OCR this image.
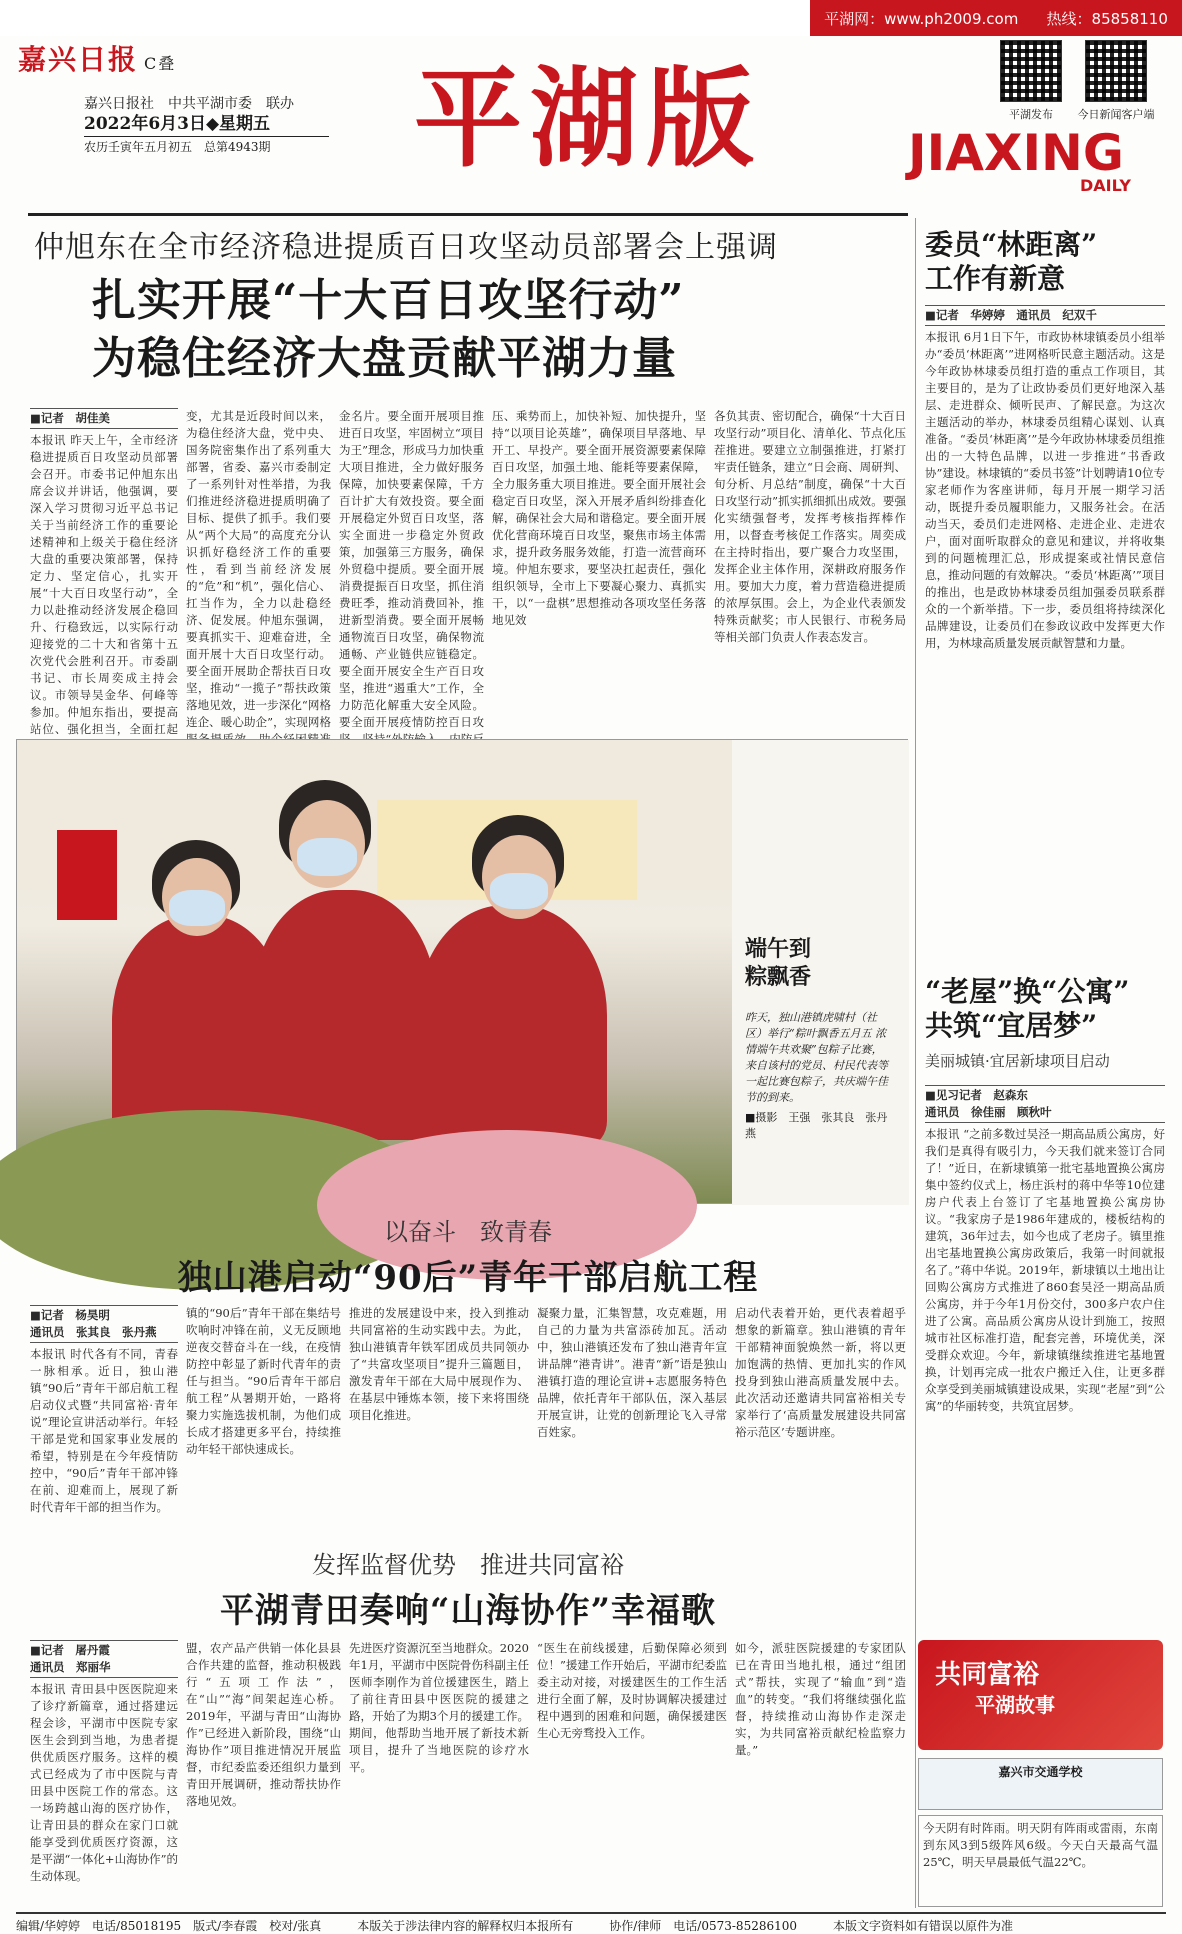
平湖网：www.ph2009.com 热线：85858110
嘉兴日报 C叠
嘉兴日报社　中共平湖市委　联办
2022年6月3日◆星期五
农历壬寅年五月初五　总第4943期	平湖版	平湖发布	今日新闻客户端
JIAXING
DAILY
仲旭东在全市经济稳进提质百日攻坚动员部署会上强调
扎实开展“十大百日攻坚行动”
为稳住经济大盘贡献平湖力量
■记者　胡佳美
本报讯 昨天上午，全市经济稳进提质百日攻坚动员部署会召开。市委书记仲旭东出席会议并讲话，他强调，要深入学习贯彻习近平总书记关于当前经济工作的重要论述精神和上级关于稳住经济大盘的重要决策部署，保持定力、坚定信心，扎实开展“十大百日攻坚行动”，全力以赴推动经济发展企稳回升、行稳致远，以实际行动迎接党的二十大和省第十五次党代会胜利召开。市委副书记、市长周奕成主持会议。市领导吴金华、何峰等参加。仲旭东指出，要提高站位、强化担当，全面扛起
变，尤其是近段时间以来，为稳住经济大盘，党中央、国务院密集作出了系列重大部署，省委、嘉兴市委制定了一系列针对性举措，为我们推进经济稳进提质明确了目标、提供了抓手。我们要从“两个大局”的高度充分认识抓好稳经济工作的重要性，看到当前经济发展的“危”和“机”，强化信心、扛当作为，全力以赴稳经济、促发展。仲旭东强调，要真抓实干、迎难奋进，全面开展十大百日攻坚行动。要全面开展助企帮扶百日攻坚，推动“一揽子”帮扶政策落地见效，进一步深化“网格连企、暖心助企”，实现网格
金名片。要全面开展项目推进百日攻坚，牢固树立“项目为王”理念，形成马力加快重大项目推进，全力做好服务保障，加快要素保障，千方百计扩大有效投资。要全面开展稳定外贸百日攻坚，落实全面进一步稳定外贸政策，加强第三方服务，确保外贸稳中提质。要全面开展消费提振百日攻坚，抓住消费旺季，推动消费回补，推进新型消费。要全面开展畅通物流百日攻坚，确保物流通畅、产业链供应链稳定。要全面开展安全生产百日攻坚，推进“遏重大”工作，全力防范化解重大安全风险。要全面开展疫情防控百日攻
压、乘势而上，加快补短、加快提升，坚持“以项目论英雄”，确保项目早落地、早开工、早投产。要全面开展资源要素保障百日攻坚，加强土地、能耗等要素保障，全力服务重大项目推进。要全面开展社会稳定百日攻坚，深入开展矛盾纠纷排查化解，确保社会大局和谐稳定。要全面开展优化营商环境百日攻坚，聚焦市场主体需求，提升政务服务效能，打造一流营商环境。仲旭东要求，要坚决扛起责任，强化组织领导，全市上下要凝心聚力、真抓实干，以“一盘棋”思想推动各项攻坚任务落地见效
各负其责、密切配合，确保“十大百日攻坚行动”项目化、清单化、节点化压茬推进。要建立立制强推进，打紧打牢责任链条，建立“日会商、周研判、旬分析、月总结”制度，确保“十大百日攻坚行动”抓实抓细抓出成效。要强化实绩强督考，发挥考核指挥棒作用，以督查考核促工作落实。周奕成在主持时指出，要广聚合力攻坚围，发挥企业主体作用，深耕政府服务作用。要加大力度，着力营造稳进提质的浓厚氛围。会上，为企业代表颁发特殊贡献奖；市人民银行、市税务局等相关部门负责人作表态发言。
端午到
粽飘香
昨天，独山港镇虎啸村（社区）举行“粽叶飘香五月五 浓情端午共欢聚”包粽子比赛，来自该村的党员、村民代表等一起比赛包粽子，共庆端午佳节的到来。
■摄影　王强　张其良　张丹燕
以奋斗　致青春
独山港启动“90后”青年干部启航工程
■记者　杨昊明
通讯员　张其良　张丹燕
本报讯 时代各有不同，青春一脉相承。近日，独山港镇“90后”青年干部启航工程启动仪式暨“共同富裕·青年说”理论宣讲活动举行。年轻干部是党和国家事业发展的希望，特别是在今年疫情防控中，“90后”青年干部冲锋在前、迎难而上，展现了新时代青年干部的担当作为。
镇的“90后”青年干部在集结号吹响时冲锋在前，义无反顾地逆夜交替奋斗在一线，在疫情防控中彰显了新时代青年的责任与担当。“90后青年干部启航工程”从暑期开始，一路将聚力实施选拔机制，为他们成长成才搭建更多平台，持续推动年轻干部快速成长。
推进的发展建设中来，投入到推动共同富裕的生动实践中去。为此，独山港镇青年铁军团成员共同领办了“共富攻坚项目”提升三篇题目，激发青年干部在大局中展现作为、在基层中锤炼本领，接下来将围绕项目化推进。
凝聚力量，汇集智慧，攻克难题，用自己的力量为共富添砖加瓦。活动中，独山港镇还发布了独山港青年宣讲品牌“港青讲”。港青“新”语是独山港镇打造的理论宣讲+志愿服务特色品牌，依托青年干部队伍，深入基层开展宣讲，让党的创新理论飞入寻常百姓家。
启动代表着开始，更代表着超乎想象的新篇章。独山港镇的青年干部精神面貌焕然一新，将以更加饱满的热情、更加扎实的作风投身到独山港高质量发展中去。此次活动还邀请共同富裕相关专家举行了‘高质量发展建设共同富裕示范区’专题讲座。
发挥监督优势　推进共同富裕
平湖青田奏响“山海协作”幸福歌
■记者　屠丹霞
通讯员　郑丽华
本报讯 青田县中医医院迎来了诊疗新篇章，通过搭建远程会诊，平湖市中医院专家医生会到到当地，为患者提供优质医疗服务。这样的模式已经成为了市中医院与青田县中医院工作的常态。这一场跨越山海的医疗协作，让青田县的群众在家门口就能享受到优质医疗资源，这是平湖“一体化+山海协作”的生动体现。
盟，农产品产供销一体化县县合作共建的监督，推动积极践行“五项工作法”，在“山”“海”间架起连心桥。2019年，平湖与青田“山海协作”已经进入新阶段，围绕“山海协作”项目推进情况开展监督，市纪委监委还组织力量到青田开展调研，推动帮扶协作落地见效。
先进医疗资源沉至当地群众。2020年1月，平湖市中医院骨伤科副主任医师李刚作为首位援建医生，踏上了前往青田县中医医院的援建之路，开始了为期3个月的援建工作。期间，他帮助当地开展了新技术新项目，提升了当地医院的诊疗水平。
“医生在前线援建，后勤保障必须到位！”援建工作开始后，平湖市纪委监委主动对接，对援建医生的工作生活进行全面了解，及时协调解决援建过程中遇到的困难和问题，确保援建医生心无旁骛投入工作。
如今，派驻医院援建的专家团队已在青田当地扎根，通过“组团式”帮扶，实现了“输血”到“造血”的转变。“我们将继续强化监督，持续推动山海协作走深走实，为共同富裕贡献纪检监察力量。”
委员“林距离”
工作有新意
■记者　华婷婷　通讯员　纪双千
本报讯 6月1日下午，市政协林埭镇委员小组举办“委员‘林距离’”进网格听民意主题活动。这是今年政协林埭委员组打造的重点工作项目，其主要目的，是为了让政协委员们更好地深入基层、走进群众、倾听民声、了解民意。为这次主题活动的举办，林埭委员组精心谋划、认真准备。“委员‘林距离’”是今年政协林埭委员组推出的一大特色品牌，以进一步推进“书香政协”建设。林埭镇的“委员书签”计划聘请10位专家老师作为客座讲师，每月开展一期学习活动，既提升委员履职能力，又服务社会。在活动当天，委员们走进网格、走进企业、走进农户，面对面听取群众的意见和建议，并将收集到的问题梳理汇总，形成提案或社情民意信息，推动问题的有效解决。“委员‘林距离’”项目的推出，也是政协林埭委员组加强委员联系群众的一个新举措。下一步，委员组将持续深化品牌建设，让委员们在参政议政中发挥更大作用，为林埭高质量发展贡献智慧和力量。
“老屋”换“公寓”
共筑“宜居梦”
美丽城镇·宜居新埭项目启动
■见习记者　赵森东
通讯员　徐佳丽　顾秋叶
本报讯 “之前多数过吴泾一期高品质公寓房，好我们是真得有吸引力，今天我们就来签订合同了！”近日，在新埭镇第一批宅基地置换公寓房集中签约仪式上，杨庄浜村的蒋中华等10位建房户代表上台签订了宅基地置换公寓房协议。“我家房子是1986年建成的，楼板结构的建筑，36年过去，如今也成了老房子。镇里推出宅基地置换公寓房政策后，我第一时间就报名了。”蒋中华说。2019年，新埭镇以土地出让回购公寓房方式推进了860套吴泾一期高品质公寓房，并于今年1月份交付，300多户农户住进了公寓。高品质公寓房从设计到施工，按照城市社区标准打造，配套完善，环境优美，深受群众欢迎。今年，新埭镇继续推进宅基地置换，计划再完成一批农户搬迁入住，让更多群众享受到美丽城镇建设成果，实现“老屋”到“公寓”的华丽转变，共筑宜居梦。
共同富裕
平湖故事
嘉兴市交通学校
今天阴有时阵雨。明天阴有阵雨或雷雨，东南到东风3到5级阵风6级。今天白天最高气温25℃，明天早晨最低气温22℃。
编辑/华婷婷　电话/85018195　版式/李春霞　校对/张真　　　本版关于涉法律内容的解释权归本报所有　　　协作/律师　电话/0573-85286100　　　本版文字资料如有错误以原件为准
